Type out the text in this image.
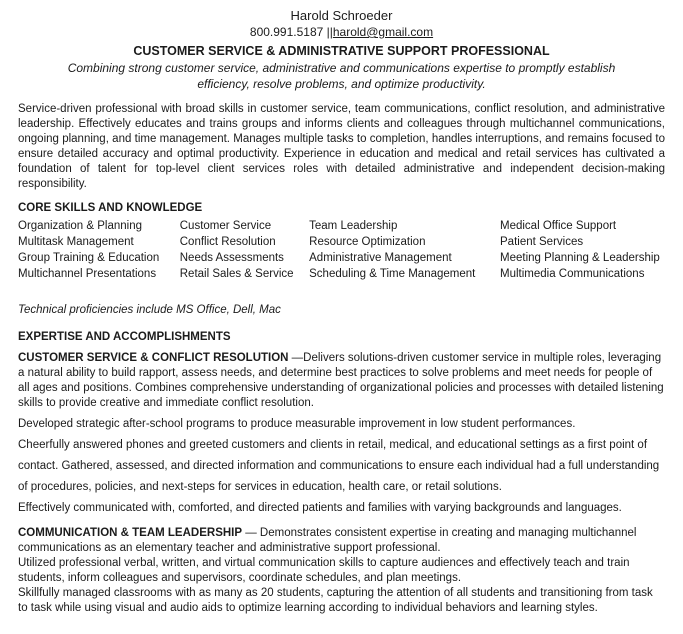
Harold Schroeder
800.991.5187 ||harold@gmail.com
CUSTOMER SERVICE & ADMINISTRATIVE SUPPORT PROFESSIONAL
Combining strong customer service, administrative and communications expertise to promptly establish efficiency, resolve problems, and optimize productivity.

Service-driven professional with broad skills in customer service, team communications, conflict resolution, and administrative leadership. Effectively educates and trains groups and informs clients and colleagues through multichannel communications, ongoing planning, and time management. Manages multiple tasks to completion, handles interruptions, and remains focused to ensure detailed accuracy and optimal productivity. Experience in education and medical and retail services has cultivated a foundation of talent for top-level client services roles with detailed administrative and independent decision-making responsibility.

CORE SKILLS AND KNOWLEDGE
Organization & Planning	Customer Service	Team Leadership	Medical Office Support
Multitask Management	Conflict Resolution	Resource Optimization	Patient Services
Group Training & Education	Needs Assessments	Administrative Management	Meeting Planning & Leadership
Multichannel Presentations	Retail Sales & Service	Scheduling & Time Management	Multimedia Communications

Technical proficiencies include MS Office, Dell, Mac

EXPERTISE AND ACCOMPLISHMENTS

CUSTOMER SERVICE & CONFLICT RESOLUTION —Delivers solutions-driven customer service in multiple roles, leveraging a natural ability to build rapport, assess needs, and determine best practices to solve problems and meet needs for people of all ages and positions. Combines comprehensive understanding of organizational policies and processes with detailed listening skills to provide creative and immediate conflict resolution.

Developed strategic after-school programs to produce measurable improvement in low student performances.

Cheerfully answered phones and greeted customers and clients in retail, medical, and educational settings as a first point of contact. Gathered, assessed, and directed information and communications to ensure each individual had a full understanding of procedures, policies, and next-steps for services in education, health care, or retail solutions.

Effectively communicated with, comforted, and directed patients and families with varying backgrounds and languages.

COMMUNICATION & TEAM LEADERSHIP — Demonstrates consistent expertise in creating and managing multichannel communications as an elementary teacher and administrative support professional.

Utilized professional verbal, written, and virtual communication skills to capture audiences and effectively teach and train students, inform colleagues and supervisors, coordinate schedules, and plan meetings.

Skillfully managed classrooms with as many as 20 students, capturing the attention of all students and transitioning from task to task while using visual and audio aids to optimize learning according to individual behaviors and learning styles.
